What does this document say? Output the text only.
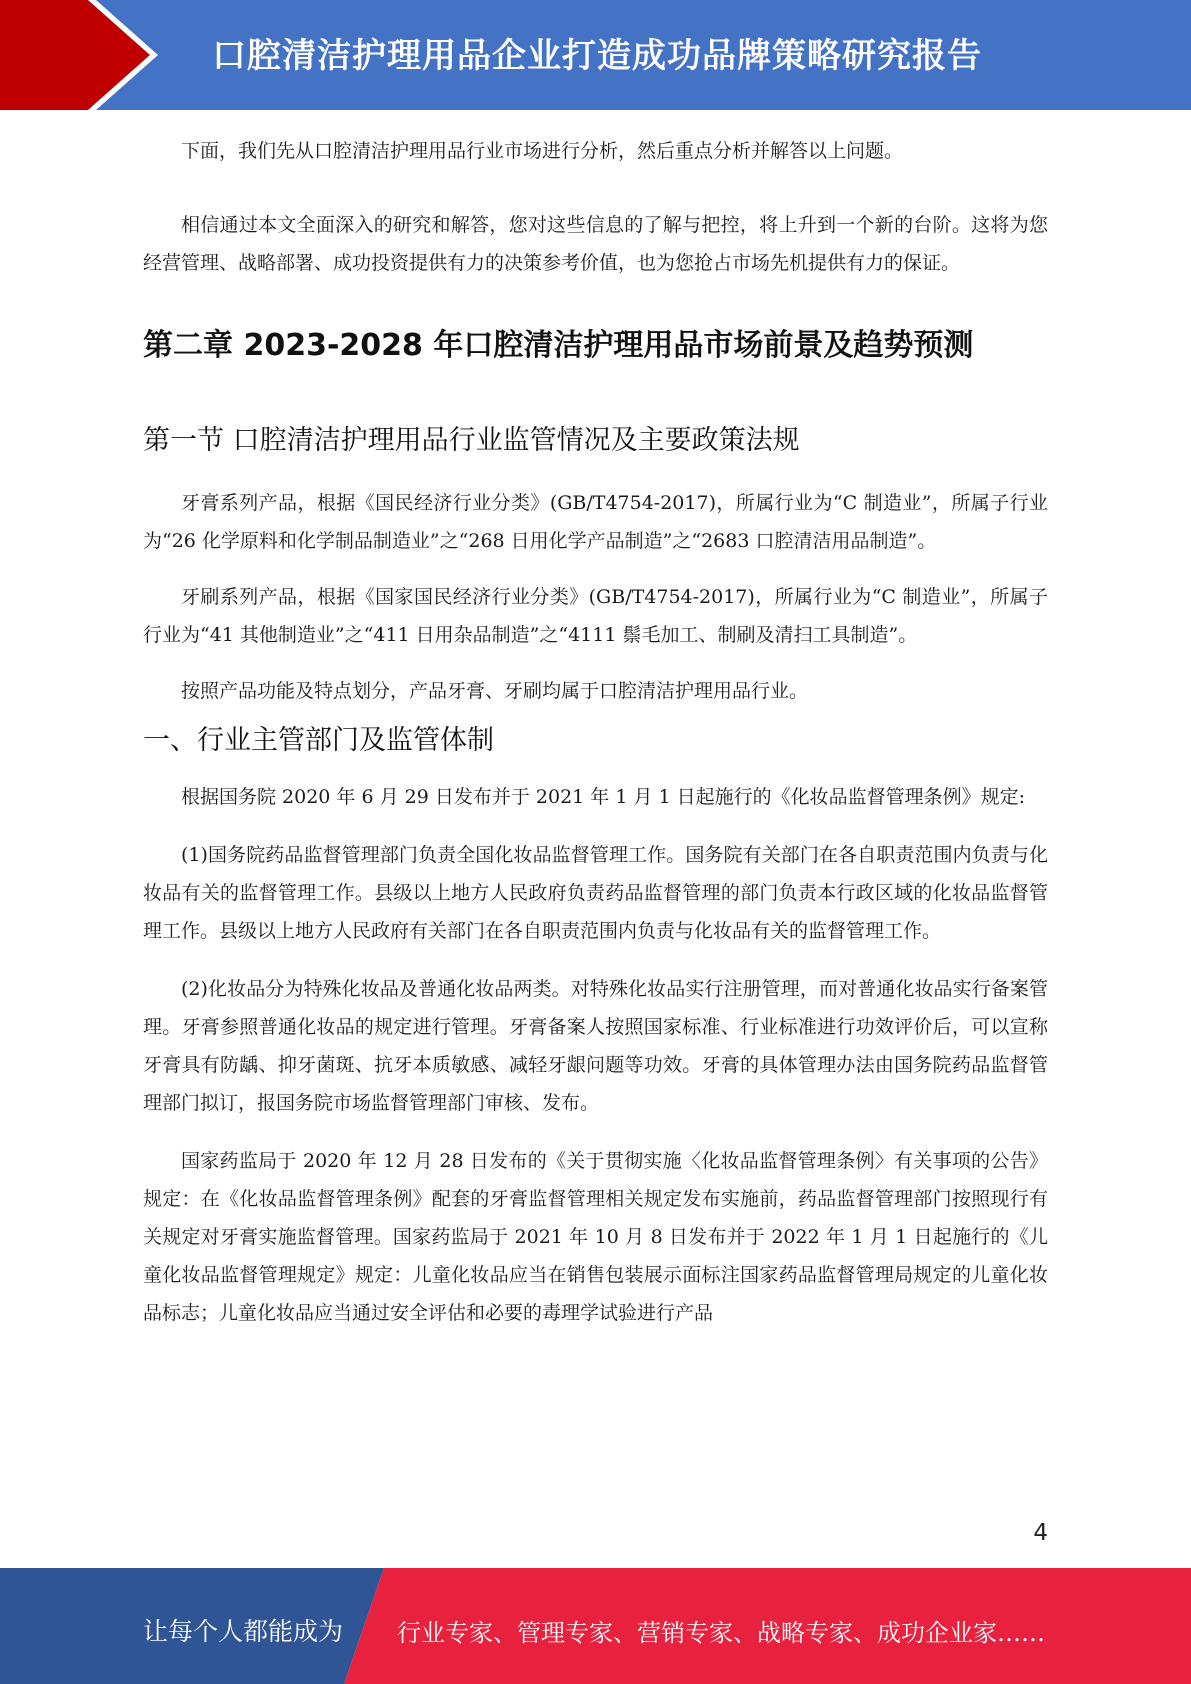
口腔清洁护理用品企业打造成功品牌策略研究报告

下面，我们先从口腔清洁护理用品行业市场进行分析，然后重点分析并解答以上问题。

相信通过本文全面深入的研究和解答，您对这些信息的了解与把控，将上升到一个新的台阶。这将为您经营管理、战略部署、成功投资提供有力的决策参考价值，也为您抢占市场先机提供有力的保证。

第二章 2023-2028 年口腔清洁护理用品市场前景及趋势预测
第一节 口腔清洁护理用品行业监管情况及主要政策法规

牙膏系列产品，根据《国民经济行业分类》(GB/T4754-2017)，所属行业为“C 制造业”，所属子行业为“26 化学原料和化学制品制造业”之“268 日用化学产品制造”之“2683 口腔清洁用品制造”。

牙刷系列产品，根据《国家国民经济行业分类》(GB/T4754-2017)，所属行业为“C 制造业”，所属子行业为“41 其他制造业”之“411 日用杂品制造”之“4111 鬃毛加工、制刷及清扫工具制造”。

按照产品功能及特点划分，产品牙膏、牙刷均属于口腔清洁护理用品行业。

一、行业主管部门及监管体制

根据国务院 2020 年 6 月 29 日发布并于 2021 年 1 月 1 日起施行的《化妆品监督管理条例》规定:

(1)国务院药品监督管理部门负责全国化妆品监督管理工作。国务院有关部门在各自职责范围内负责与化妆品有关的监督管理工作。县级以上地方人民政府负责药品监督管理的部门负责本行政区域的化妆品监督管理工作。县级以上地方人民政府有关部门在各自职责范围内负责与化妆品有关的监督管理工作。

(2)化妆品分为特殊化妆品及普通化妆品两类。对特殊化妆品实行注册管理，而对普通化妆品实行备案管理。牙膏参照普通化妆品的规定进行管理。牙膏备案人按照国家标准、行业标准进行功效评价后，可以宣称牙膏具有防龋、抑牙菌斑、抗牙本质敏感、减轻牙龈问题等功效。牙膏的具体管理办法由国务院药品监督管理部门拟订，报国务院市场监督管理部门审核、发布。

国家药监局于 2020 年 12 月 28 日发布的《关于贯彻实施〈化妆品监督管理条例〉有关事项的公告》规定：在《化妆品监督管理条例》配套的牙膏监督管理相关规定发布实施前，药品监督管理部门按照现行有关规定对牙膏实施监督管理。国家药监局于 2021 年 10 月 8 日发布并于 2022 年 1 月 1 日起施行的《儿童化妆品监督管理规定》规定：儿童化妆品应当在销售包装展示面标注国家药品监督管理局规定的儿童化妆品标志；儿童化妆品应当通过安全评估和必要的毒理学试验进行产品

4
让每个人都能成为 行业专家、管理专家、营销专家、战略专家、成功企业家……
